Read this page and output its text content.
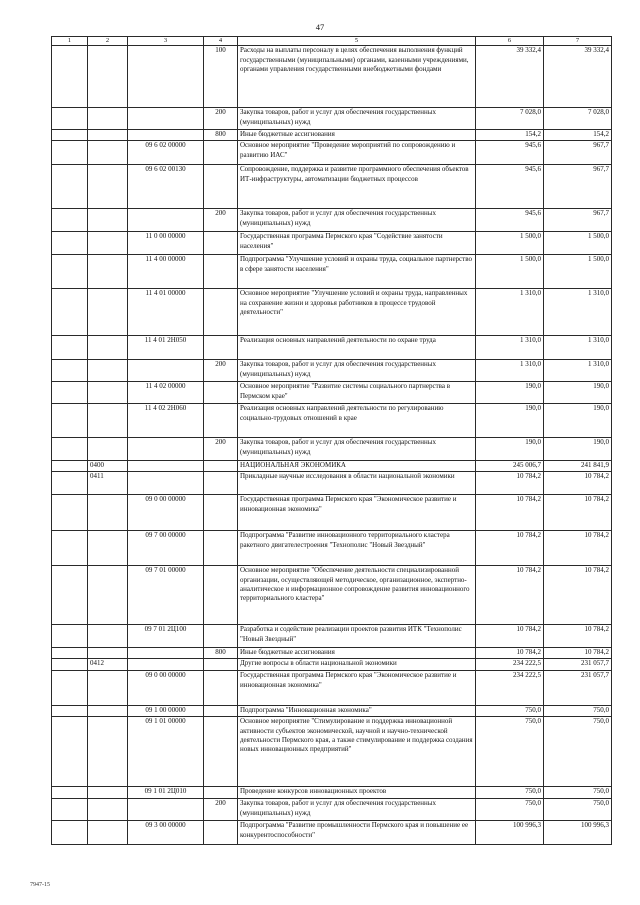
47
1	2	3	4	5	6	7
			100	Расходы на выплаты персоналу в целях обеспечения выполнения функций государственными (муниципальными) органами, казенными учреждениями, органами управления государственными внебюджетными фондами	39 332,4	39 332,4
			200	Закупка товаров, работ и услуг для обеспечения государственных (муниципальных) нужд	7 028,0	7 028,0
			800	Иные бюджетные ассигнования	154,2	154,2
		09 6 02 00000		Основное мероприятие "Проведение мероприятий по сопровождению и развитию ИАС"	945,6	967,7
		09 6 02 00130		Сопровождение, поддержка и развитие программного обеспечения объектов ИТ-инфраструктуры, автоматизации бюджетных процессов	945,6	967,7
			200	Закупка товаров, работ и услуг для обеспечения государственных (муниципальных) нужд	945,6	967,7
		11 0 00 00000		Государственная программа Пермского края "Содействие занятости населения"	1 500,0	1 500,0
		11 4 00 00000		Подпрограмма "Улучшение условий и охраны труда, социальное партнерство в сфере занятости населения"	1 500,0	1 500,0
		11 4 01 00000		Основное мероприятие "Улучшение условий и охраны труда, направленных на сохранение жизни и здоровья работников в процессе трудовой деятельности"	1 310,0	1 310,0
		11 4 01 2Н050		Реализация основных направлений деятельности по охране труда	1 310,0	1 310,0
			200	Закупка товаров, работ и услуг для обеспечения государственных (муниципальных) нужд	1 310,0	1 310,0
		11 4 02 00000		Основное мероприятие "Развитие системы социального партнерства в Пермском крае"	190,0	190,0
		11 4 02 2Н060		Реализация основных направлений деятельности по регулированию социально-трудовых отношений в крае	190,0	190,0
			200	Закупка товаров, работ и услуг для обеспечения государственных (муниципальных) нужд	190,0	190,0
	0400			НАЦИОНАЛЬНАЯ ЭКОНОМИКА	245 006,7	241 841,9
	0411			Прикладные научные исследования в области национальной экономики	10 784,2	10 784,2
		09 0 00 00000		Государственная программа Пермского края "Экономическое развитие и инновационная экономика"	10 784,2	10 784,2
		09 7 00 00000		Подпрограмма "Развитие инновационного территориального кластера ракетного двигателестроения "Технополис "Новый Звездный"	10 784,2	10 784,2
		09 7 01 00000		Основное мероприятие "Обеспечение деятельности специализированной организации, осуществляющей методическое, организационное, экспертно-аналитическое и информационное сопровождение развития инновационного территориального кластера"	10 784,2	10 784,2
		09 7 01 2Ц100		Разработка и содействие реализации проектов развития ИТК "Технополис "Новый Звездный"	10 784,2	10 784,2
			800	Иные бюджетные ассигнования	10 784,2	10 784,2
	0412			Другие вопросы в области национальной экономики	234 222,5	231 057,7
		09 0 00 00000		Государственная программа Пермского края "Экономическое развитие и инновационная экономика"	234 222,5	231 057,7
		09 1 00 00000		Подпрограмма "Инновационная экономика"	750,0	750,0
		09 1 01 00000		Основное мероприятие "Стимулирование и поддержка инновационной активности субъектов экономической, научной и научно-технической деятельности Пермского края, а также стимулирование и поддержка создания новых инновационных предприятий"	750,0	750,0
		09 1 01 2Ц010		Проведение конкурсов инновационных проектов	750,0	750,0
			200	Закупка товаров, работ и услуг для обеспечения государственных (муниципальных) нужд	750,0	750,0
		09 3 00 00000		Подпрограмма "Развитие промышленности Пермского края и повышение ее конкурентоспособности"	100 996,3	100 996,3
7947-15
